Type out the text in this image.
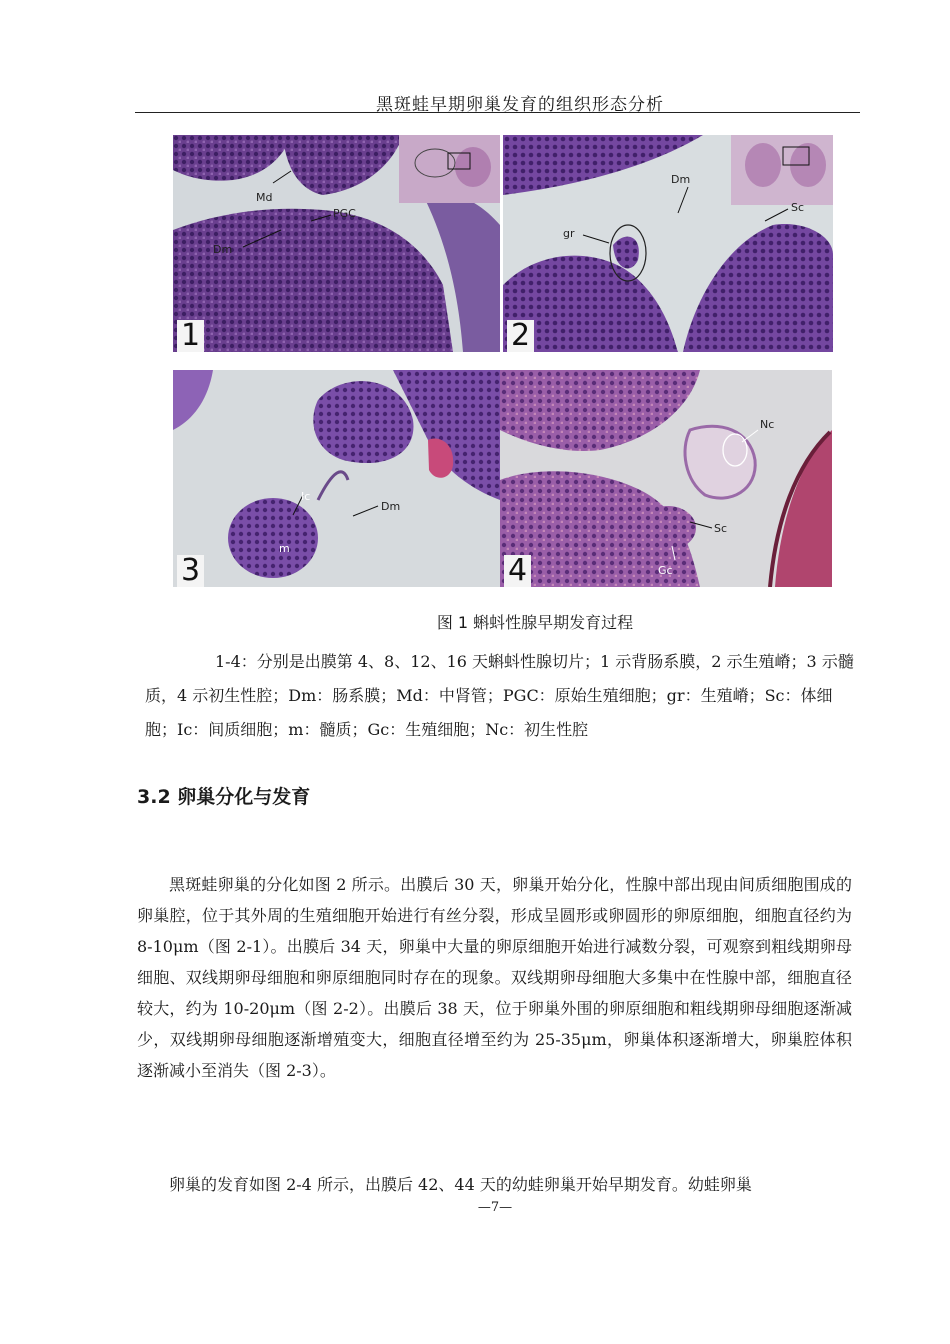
黑斑蛙早期卵巢发育的组织形态分析
Md
PGC
Dm
1
Dm
gr
Sc
2
Ic
m
Dm
3
Nc
Sc
Gc
4
图 1 蝌蚪性腺早期发育过程
1-4：分别是出膜第 4、8、12、16 天蝌蚪性腺切片；1 示背肠系膜，2 示生殖嵴；3 示髓质，4 示初生性腔；Dm：肠系膜；Md：中肾管；PGC：原始生殖细胞；gr：生殖嵴；Sc：体细胞；Ic：间质细胞；m：髓质；Gc：生殖细胞；Nc：初生性腔
3.2 卵巢分化与发育

黑斑蛙卵巢的分化如图 2 所示。出膜后 30 天，卵巢开始分化，性腺中部出现由间质细胞围成的卵巢腔，位于其外周的生殖细胞开始进行有丝分裂，形成呈圆形或卵圆形的卵原细胞，细胞直径约为 8-10μm（图 2-1）。出膜后 34 天，卵巢中大量的卵原细胞开始进行减数分裂，可观察到粗线期卵母细胞、双线期卵母细胞和卵原细胞同时存在的现象。双线期卵母细胞大多集中在性腺中部，细胞直径较大，约为 10-20μm（图 2-2）。出膜后 38 天，位于卵巢外围的卵原细胞和粗线期卵母细胞逐渐减少，双线期卵母细胞逐渐增殖变大，细胞直径增至约为 25-35μm，卵巢体积逐渐增大，卵巢腔体积逐渐减小至消失（图 2-3）。

卵巢的发育如图 2-4 所示，出膜后 42、44 天的幼蛙卵巢开始早期发育。幼蛙卵巢

—7—
